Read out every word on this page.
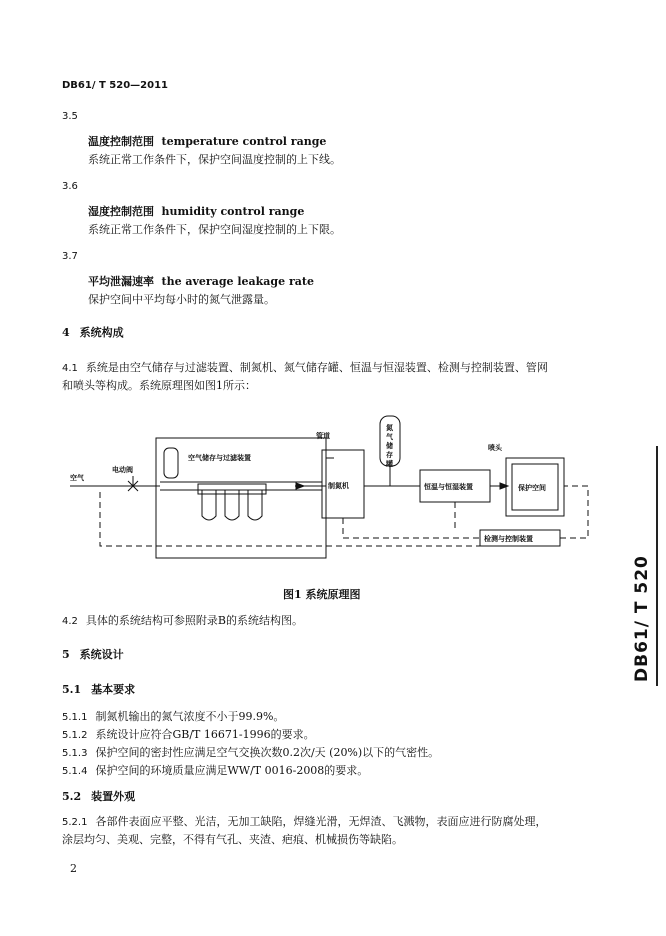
DB61/ T 520—2011
3.5
温度控制范围 temperature control range
系统正常工作条件下，保护空间温度控制的上下线。
3.6
湿度控制范围 humidity control range
系统正常工作条件下，保护空间湿度控制的上下限。
3.7
平均泄漏速率 the average leakage rate
保护空间中平均每小时的氮气泄露量。
4 系统构成
4.1 系统是由空气储存与过滤装置、制氮机、氮气储存罐、恒温与恒湿装置、检测与控制装置、管网
和喷头等构成。系统原理图如图1所示：
空气
电动阀
空气储存与过滤装置
管道
制氮机	恒温与恒湿装置
喷头
保护空间
检测与控制装置
氮
气
储
存
罐
图1 系统原理图
4.2 具体的系统结构可参照附录B的系统结构图。
5 系统设计
5.1 基本要求
5.1.1 制氮机输出的氮气浓度不小于99.9%。
5.1.2 系统设计应符合GB/T 16671-1996的要求。
5.1.3 保护空间的密封性应满足空气交换次数0.2次/天 (20%)以下的气密性。
5.1.4 保护空间的环境质量应满足WW/T 0016-2008的要求。
5.2 装置外观
5.2.1 各部件表面应平整、光洁，无加工缺陷，焊缝光滑，无焊渣、飞溅物，表面应进行防腐处理，
涂层均匀、美观、完整，不得有气孔、夹渣、疤痕、机械损伤等缺陷。
2
DB61/ T 520
